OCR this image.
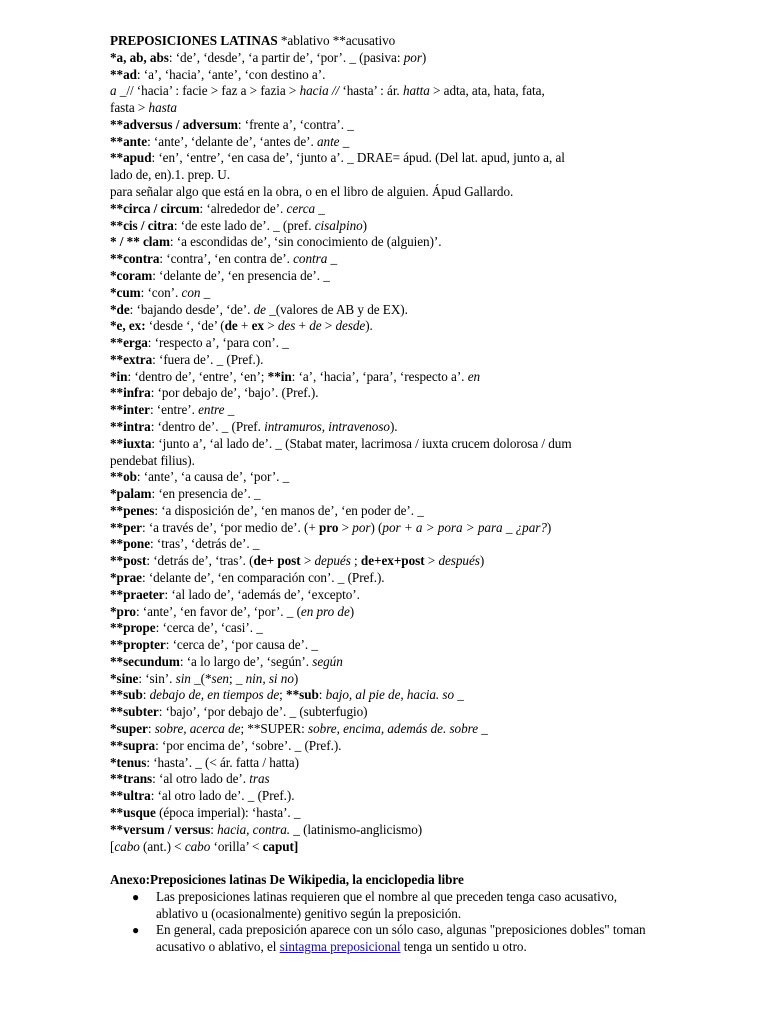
PREPOSICIONES LATINAS *ablativo **acusativo
*a, ab, abs: ‘de’, ‘desde’, ‘a partir de’, ‘por’. _ (pasiva: por)
**ad: ‘a’, ‘hacia’, ‘ante’, ‘con destino a’.
a _// ‘hacia’ : facie > faz a > fazia > hacia // ‘hasta’ : ár. hatta > adta, ata, hata, fata,
fasta > hasta
**adversus / adversum: ‘frente a’, ‘contra’. _
**ante: ‘ante’, ‘delante de’, ‘antes de’. ante _
**apud: ‘en’, ‘entre’, ‘en casa de’, ‘junto a’. _ DRAE= ápud. (Del lat. apud, junto a, al
lado de, en).1. prep. U.
para señalar algo que está en la obra, o en el libro de alguien. Ápud Gallardo.
**circa / circum: ‘alrededor de’. cerca _
**cis / citra: ‘de este lado de’. _ (pref. cisalpino)
* / ** clam: ‘a escondidas de’, ‘sin conocimiento de (alguien)’.
**contra: ‘contra’, ‘en contra de’. contra _
*coram: ‘delante de’, ‘en presencia de’. _
*cum: ‘con’. con _
*de: ‘bajando desde’, ‘de’. de _(valores de AB y de EX).
*e, ex: ‘desde ‘, ‘de’ (de + ex > des + de > desde).
**erga: ‘respecto a’, ‘para con’. _
**extra: ‘fuera de’. _ (Pref.).
*in: ‘dentro de’, ‘entre’, ‘en’; **in: ‘a’, ‘hacia’, ‘para’, ‘respecto a’. en
**infra: ‘por debajo de’, ‘bajo’. (Pref.).
**inter: ‘entre’. entre _
**intra: ‘dentro de’. _ (Pref. intramuros, intravenoso).
**iuxta: ‘junto a’, ‘al lado de’. _ (Stabat mater, lacrimosa / iuxta crucem dolorosa / dum
pendebat filius).
**ob: ‘ante’, ‘a causa de’, ‘por’. _
*palam: ‘en presencia de’. _
**penes: ‘a disposición de’, ‘en manos de’, ‘en poder de’. _
**per: ‘a través de’, ‘por medio de’. (+ pro > por) (por + a > pora > para _ ¿par?)
**pone: ‘tras’, ‘detrás de’. _
**post: ‘detrás de’, ‘tras’. (de+ post > depués ; de+ex+post > después)
*prae: ‘delante de’, ‘en comparación con’. _ (Pref.).
**praeter: ‘al lado de’, ‘además de’, ‘excepto’.
*pro: ‘ante’, ‘en favor de’, ‘por’. _ (en pro de)
**prope: ‘cerca de’, ‘casi’. _
**propter: ‘cerca de’, ‘por causa de’. _
**secundum: ‘a lo largo de’, ‘según’. según
*sine: ‘sin’. sin _(*sen; _ nin, si no)
**sub: debajo de, en tiempos de; **sub: bajo, al pie de, hacia. so _
**subter: ‘bajo’, ‘por debajo de’. _ (subterfugio)
*super: sobre, acerca de; **SUPER: sobre, encima, además de. sobre _
**supra: ‘por encima de’, ‘sobre’. _ (Pref.).
*tenus: ‘hasta’. _ (< ár. fatta / hatta)
**trans: ‘al otro lado de’. tras
**ultra: ‘al otro lado de’. _ (Pref.).
**usque (época imperial): ‘hasta’. _
**versum / versus: hacia, contra. _ (latinismo-anglicismo)
[cabo (ant.) < cabo ‘orilla’ < caput]
Anexo:Preposiciones latinas De Wikipedia, la enciclopedia libre
● Las preposiciones latinas requieren que el nombre al que preceden tenga caso acusativo, ablativo u (ocasionalmente) genitivo según la preposición.
● En general, cada preposición aparece con un sólo caso, algunas "preposiciones dobles" toman acusativo o ablativo, el sintagma preposicional tenga un sentido u otro.
